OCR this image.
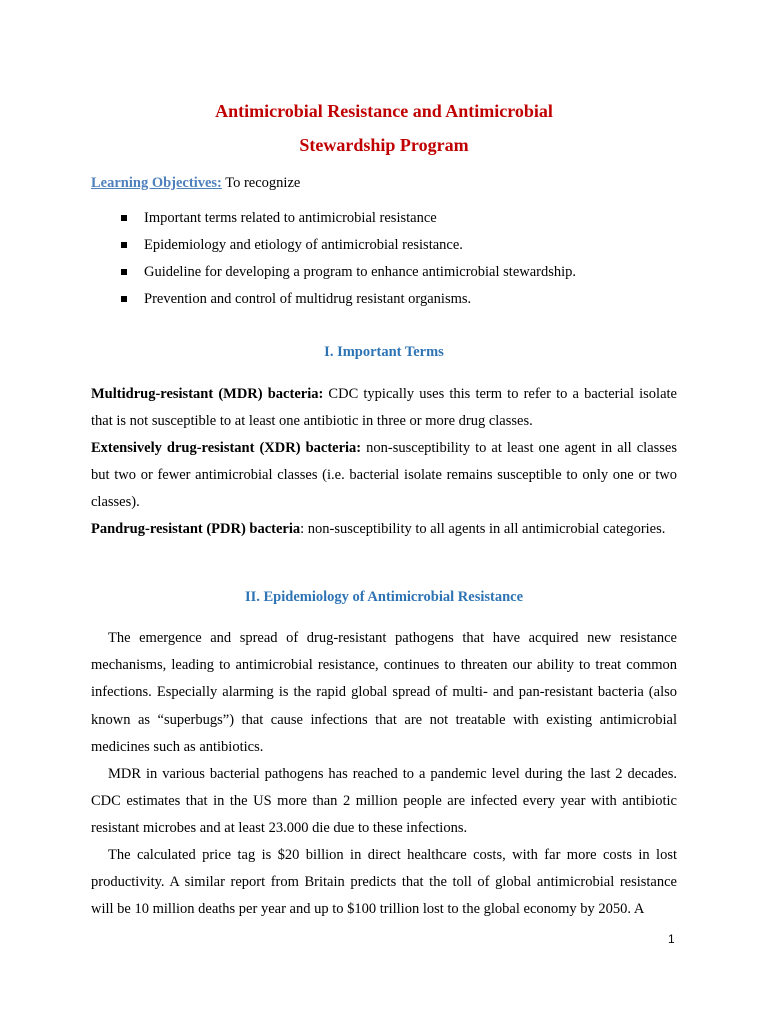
Antimicrobial Resistance and Antimicrobial
Stewardship Program
Learning Objectives: To recognize
Important terms related to antimicrobial resistance
Epidemiology and etiology of antimicrobial resistance.
Guideline for developing a program to enhance antimicrobial stewardship.
Prevention and control of multidrug resistant organisms.
I. Important Terms

Multidrug-resistant (MDR) bacteria: CDC typically uses this term to refer to a bacterial isolate that is not susceptible to at least one antibiotic in three or more drug classes.

Extensively drug-resistant (XDR) bacteria: non-susceptibility to at least one agent in all classes but two or fewer antimicrobial classes (i.e. bacterial isolate remains susceptible to only one or two classes).

Pandrug-resistant (PDR) bacteria: non-susceptibility to all agents in all antimicrobial categories.

II. Epidemiology of Antimicrobial Resistance

The emergence and spread of drug-resistant pathogens that have acquired new resistance mechanisms, leading to antimicrobial resistance, continues to threaten our ability to treat common infections. Especially alarming is the rapid global spread of multi- and pan-resistant bacteria (also known as “superbugs”) that cause infections that are not treatable with existing antimicrobial medicines such as antibiotics.

MDR in various bacterial pathogens has reached to a pandemic level during the last 2 decades. CDC estimates that in the US more than 2 million people are infected every year with antibiotic resistant microbes and at least 23.000 die due to these infections.

The calculated price tag is $20 billion in direct healthcare costs, with far more costs in lost productivity. A similar report from Britain predicts that the toll of global antimicrobial resistance will be 10 million deaths per year and up to $100 trillion lost to the global economy by 2050. A

1
